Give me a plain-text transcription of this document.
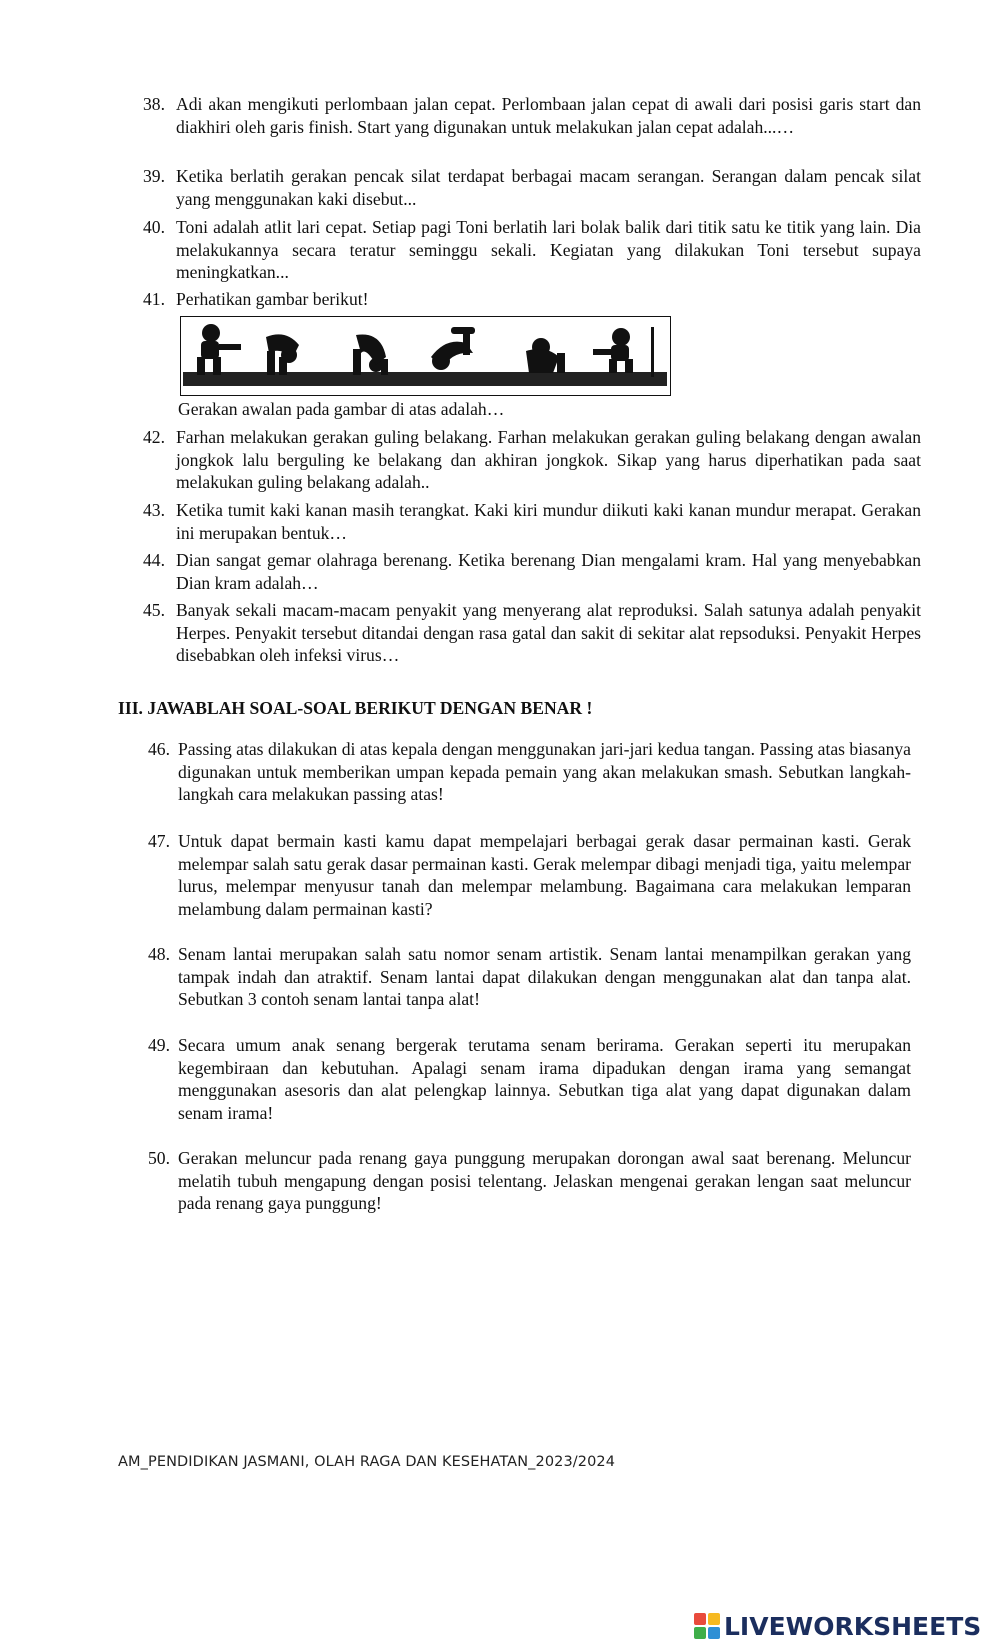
38. Adi akan mengikuti perlombaan jalan cepat. Perlombaan jalan cepat di awali dari posisi garis start dan diakhiri oleh garis finish. Start yang digunakan untuk melakukan jalan cepat adalah...…
39. Ketika berlatih gerakan pencak silat terdapat berbagai macam serangan. Serangan dalam pencak silat yang menggunakan kaki disebut...
40. Toni adalah atlit lari cepat. Setiap pagi Toni berlatih lari bolak balik dari titik satu ke titik yang lain. Dia melakukannya secara teratur seminggu sekali. Kegiatan yang dilakukan Toni tersebut supaya meningkatkan...
41. Perhatikan gambar berikut!
Gerakan awalan pada gambar di atas adalah…
42. Farhan melakukan gerakan guling belakang. Farhan melakukan gerakan guling belakang dengan awalan jongkok lalu berguling ke belakang dan akhiran jongkok. Sikap yang harus diperhatikan pada saat melakukan guling belakang adalah..
43. Ketika tumit kaki kanan masih terangkat. Kaki kiri mundur diikuti kaki kanan mundur merapat. Gerakan ini merupakan bentuk…
44. Dian sangat gemar olahraga berenang. Ketika berenang Dian mengalami kram. Hal yang menyebabkan Dian kram adalah…
45. Banyak sekali macam-macam penyakit yang menyerang alat reproduksi. Salah satunya adalah penyakit Herpes. Penyakit tersebut ditandai dengan rasa gatal dan sakit di sekitar alat repsoduksi. Penyakit Herpes disebabkan oleh infeksi virus…
III. JAWABLAH SOAL-SOAL BERIKUT DENGAN BENAR !
46. Passing atas dilakukan di atas kepala dengan menggunakan jari-jari kedua tangan. Passing atas biasanya digunakan untuk memberikan umpan kepada pemain yang akan melakukan smash. Sebutkan langkah-langkah cara melakukan passing atas!
47. Untuk dapat bermain kasti kamu dapat mempelajari berbagai gerak dasar permainan kasti. Gerak melempar salah satu gerak dasar permainan kasti. Gerak melempar dibagi menjadi tiga, yaitu melempar lurus, melempar menyusur tanah dan melempar melambung. Bagaimana cara melakukan lemparan melambung dalam permainan kasti?
48. Senam lantai merupakan salah satu nomor senam artistik. Senam lantai menampilkan gerakan yang tampak indah dan atraktif. Senam lantai dapat dilakukan dengan menggunakan alat dan tanpa alat. Sebutkan 3 contoh senam lantai tanpa alat!
49. Secara umum anak senang bergerak terutama senam berirama. Gerakan seperti itu merupakan kegembiraan dan kebutuhan. Apalagi senam irama dipadukan dengan irama yang semangat menggunakan asesoris dan alat pelengkap lainnya. Sebutkan tiga alat yang dapat digunakan dalam senam irama!
50. Gerakan meluncur pada renang gaya punggung merupakan dorongan awal saat berenang. Meluncur melatih tubuh mengapung dengan posisi telentang. Jelaskan mengenai gerakan lengan saat meluncur pada renang gaya punggung!
AM_PENDIDIKAN JASMANI, OLAH RAGA DAN KESEHATAN_2023/2024
LIVEWORKSHEETS
